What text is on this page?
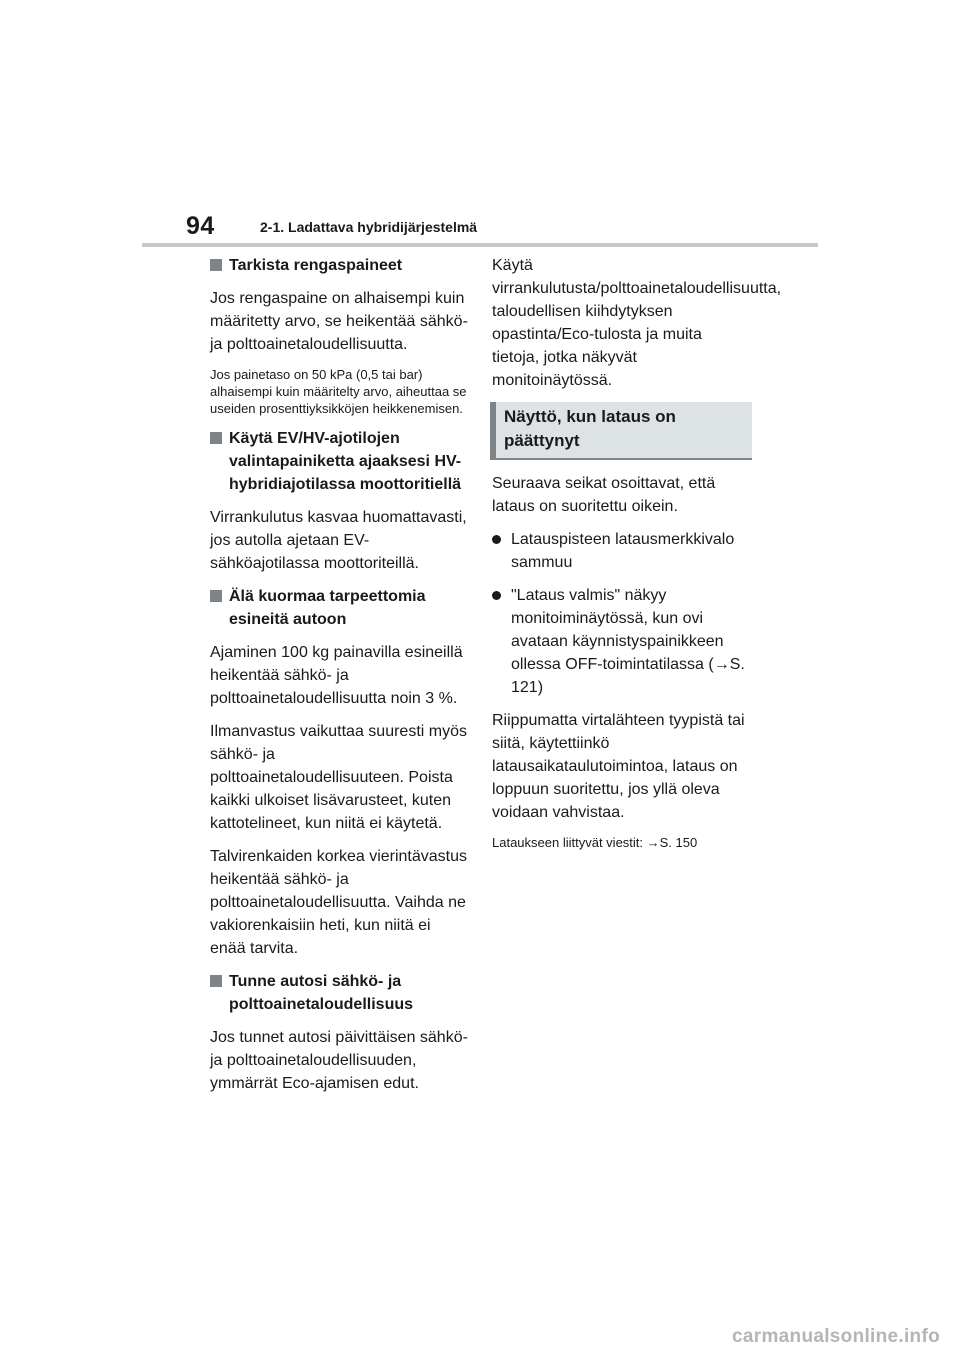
94	2-1. Ladattava hybridijärjestelmä
Tarkista rengaspaineet

Jos rengaspaine on alhaisempi kuin määritetty arvo, se heikentää sähkö- ja polttoainetaloudellisuutta.

Jos painetaso on 50 kPa (0,5 tai bar) alhaisempi kuin määritelty arvo, aiheuttaa se useiden prosenttiyksikköjen heikkenemisen.

Käytä EV/HV-ajotilojen valintapainiketta ajaaksesi HV-hybridiajotilassa moottoritiellä

Virrankulutus kasvaa huomattavasti, jos autolla ajetaan EV-sähköajotilassa moottoriteillä.

Älä kuormaa tarpeettomia esineitä autoon

Ajaminen 100 kg painavilla esineillä heikentää sähkö- ja polttoainetaloudellisuutta noin 3 %.

Ilmanvastus vaikuttaa suuresti myös sähkö- ja polttoainetaloudellisuuteen. Poista kaikki ulkoiset lisävarusteet, kuten kattotelineet, kun niitä ei käytetä.

Talvirenkaiden korkea vierintävastus heikentää sähkö- ja polttoainetaloudellisuutta. Vaihda ne vakiorenkaisiin heti, kun niitä ei enää tarvita.

Tunne autosi sähkö- ja polttoainetaloudellisuus

Jos tunnet autosi päivittäisen sähkö- ja polttoainetaloudellisuuden, ymmärrät Eco-ajamisen edut.

Käytä virrankulutusta/polttoainetaloudellisuutta, taloudellisen kiihdytyksen opastinta/Eco-tulosta ja muita tietoja, jotka näkyvät monitoinäytössä.

Näyttö, kun lataus on päättynyt

Seuraava seikat osoittavat, että lataus on suoritettu oikein.

Latauspisteen latausmerkkivalo sammuu
"Lataus valmis" näkyy monitoiminäytössä, kun ovi avataan käynnistyspainikkeen ollessa OFF-toimintatilassa (→S. 121)

Riippumatta virtalähteen tyypistä tai siitä, käytettiinkö latausaikataulutoimintoa, lataus on loppuun suoritettu, jos yllä oleva voidaan vahvistaa.

Lataukseen liittyvät viestit: →S. 150

carmanualsonline.info
